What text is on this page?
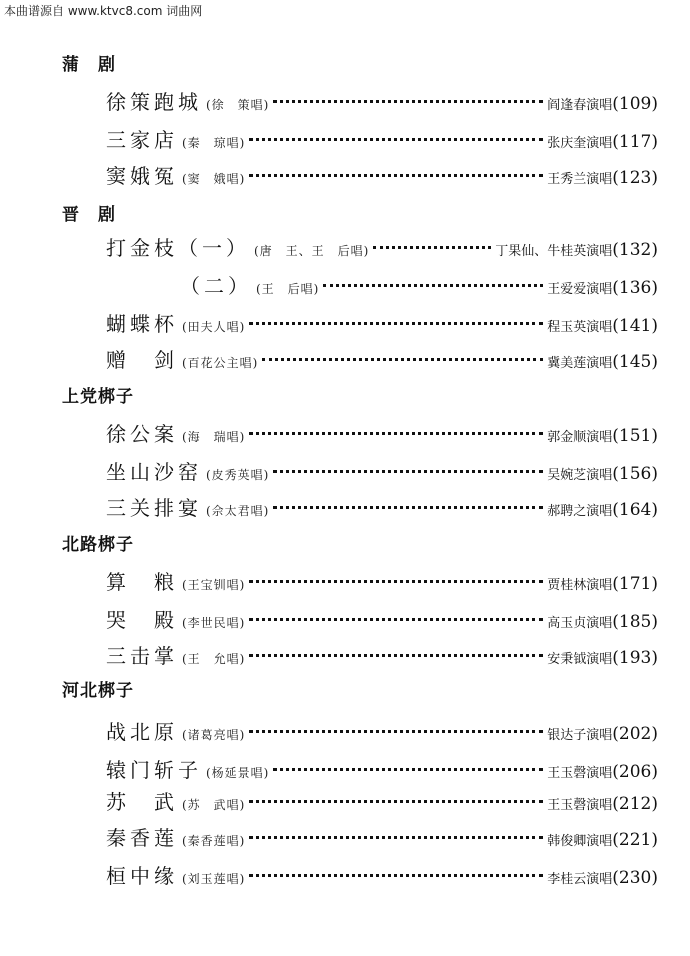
本曲谱源自 www.ktvc8.com 词曲网
蒲　剧
徐策跑城 (徐　策唱)	阎逢春演唱 (109)
三家店 (秦　琼唱)	张庆奎演唱 (117)
窦娥冤 (窦　娥唱)	王秀兰演唱 (123)
晋　剧
打金枝（一） (唐　王、王　后唱)	丁果仙、牛桂英演唱 (132)
（二） (王　后唱)	王爱爱演唱 (136)
蝴蝶杯 (田夫人唱)	程玉英演唱 (141)
赠　剑 (百花公主唱)	冀美莲演唱 (145)
上党梆子
徐公案 (海　瑞唱)	郭金顺演唱 (151)
坐山沙窑 (皮秀英唱)	吴婉芝演唱 (156)
三关排宴 (佘太君唱)	郝聘之演唱 (164)
北路梆子
算　粮 (王宝钏唱)	贾桂林演唱 (171)
哭　殿 (李世民唱)	高玉贞演唱 (185)
三击掌 (王　允唱)	安秉钺演唱 (193)
河北梆子
战北原 (诸葛亮唱)	银达子演唱 (202)
辕门斩子 (杨延景唱)	王玉磬演唱 (206)
苏　武 (苏　武唱)	王玉磬演唱 (212)
秦香莲 (秦香莲唱)	韩俊卿演唱 (221)
桓中缘 (刘玉莲唱)	李桂云演唱 (230)
